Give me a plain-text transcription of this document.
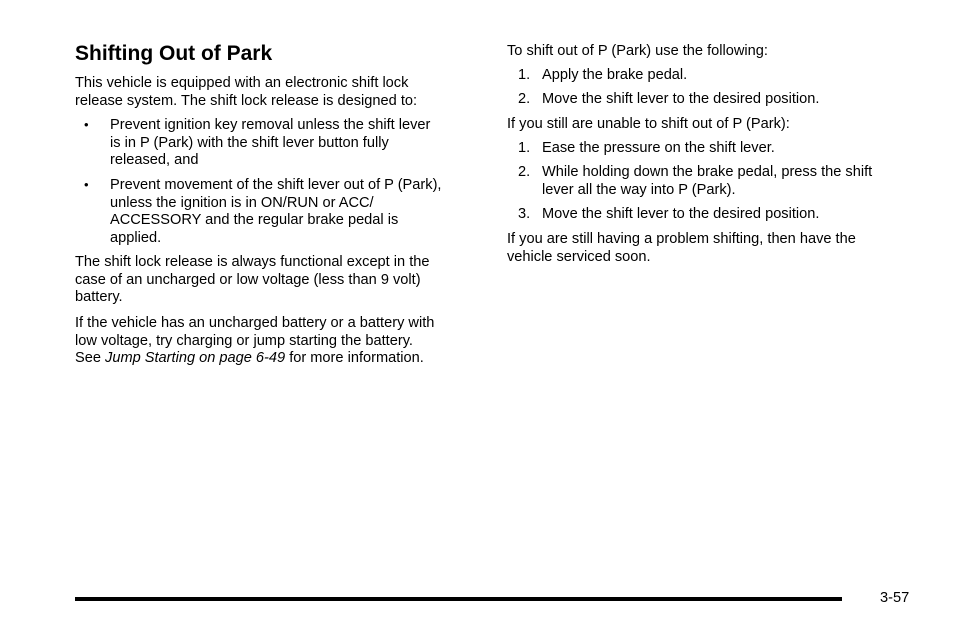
Shifting Out of Park

This vehicle is equipped with an electronic shift lock

release system. The shift lock release is designed to:

• Prevent ignition key removal unless the shift lever

is in P (Park) with the shift lever button fully

released, and

• Prevent movement of the shift lever out of P (Park),

unless the ignition is in ON/RUN or ACC/

ACCESSORY and the regular brake pedal is

applied.

The shift lock release is always functional except in the

case of an uncharged or low voltage (less than 9 volt)

battery.

If the vehicle has an uncharged battery or a battery with

low voltage, try charging or jump starting the battery.

See Jump Starting on page 6-49 for more information.

To shift out of P (Park) use the following:

1. Apply the brake pedal.

2. Move the shift lever to the desired position.

If you still are unable to shift out of P (Park):

1. Ease the pressure on the shift lever.

2. While holding down the brake pedal, press the shift

lever all the way into P (Park).

3. Move the shift lever to the desired position.

If you are still having a problem shifting, then have the

vehicle serviced soon.

3-57
